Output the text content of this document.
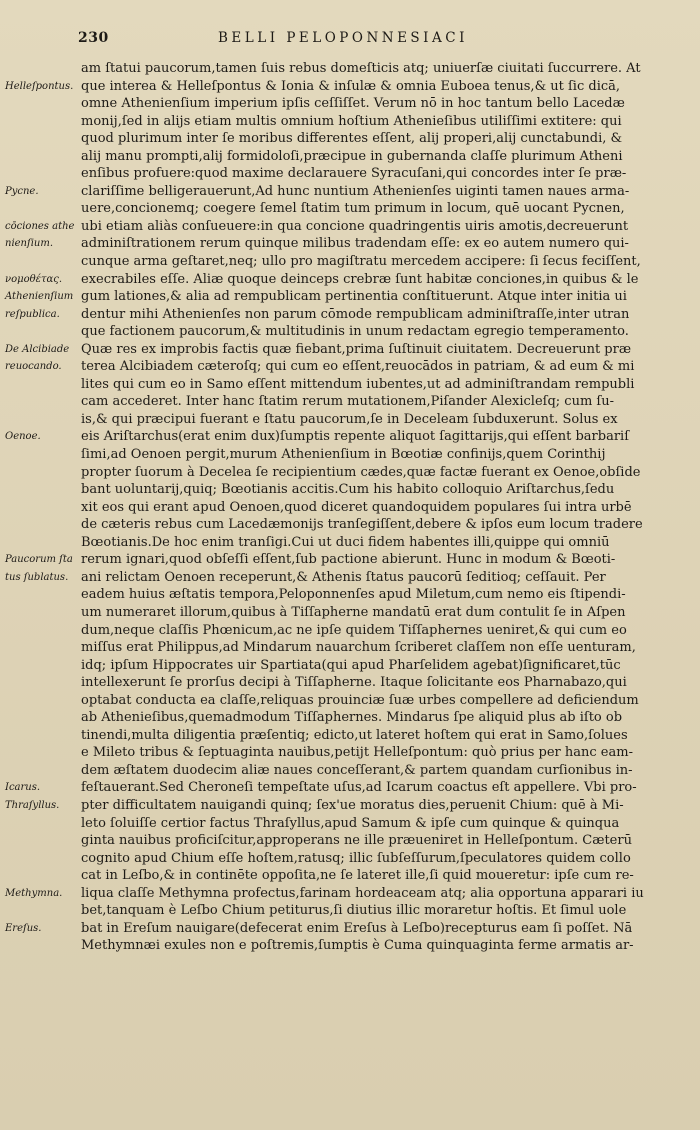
230	BELLI PELOPONNESIACI
am ſtatui paucorum,tamen ſuis rebus domeſticis atq; uniuerſæ ciuitati ſuccurrere. At
que interea & Helleſpontus & Ionia & inſulæ & omnia Euboea tenus,& ut ſic dicā,
Helleſpontus.
omne Athenienſium imperium ipſis ceſſiſſet. Verum nō in hoc tantum bello Lacedæ
monij,ſed in alijs etiam multis omnium hoſtium Athenieſibus utiliſſimi extitere: qui
quod plurimum inter ſe moribus differentes eſſent, alij properi,alij cunctabundi, &
alij manu prompti,alij formidoloſi,præcipue in gubernanda claſſe plurimum Atheni
enſibus profuere:quod maxime declarauere Syracuſani,qui concordes inter ſe præ-
clariſſime belligerauerunt,Ad hunc nuntium Athenienſes uiginti tamen naues arma-
Pycne.
uere,concionemq; coegere ſemel ſtatim tum primum in locum, quē uocant Pycnen,
ubi etiam aliàs conſueuere:in qua concione quadringentis uiris amotis,decreuerunt
cōciones athe
adminiſtrationem rerum quinque milibus tradendam eſſe: ex eo autem numero qui-
nienſium.
cunque arma geſtaret,neq; ullo pro magiſtratu mercedem accipere: ſi ſecus feciſſent,
execrabiles eſſe. Aliæ quoque deinceps crebræ ſunt habitæ conciones,in quibus & le
νομοθέτας.
gum lationes,& alia ad rempublicam pertinentia conſtituerunt. Atque inter initia ui
Athenienſium
dentur mihi Athenienſes non parum cōmode rempublicam adminiſtraſſe,inter utran
reſpublica.
que factionem paucorum,& multitudinis in unum redactam egregio temperamento.
Quæ res ex improbis factis quæ fiebant,prima ſuſtinuit ciuitatem. Decreuerunt præ
De Alcibiade
terea Alcibiadem cæteroſq; qui cum eo eſſent,reuocādos in patriam, & ad eum & mi
reuocando.
lites qui cum eo in Samo eſſent mittendum iubentes,ut ad adminiſtrandam rempubli
cam accederet. Inter hanc ſtatim rerum mutationem,Piſander Alexicleſq; cum ſu-
is,& qui præcipui fuerant e ſtatu paucorum,ſe in Deceleam ſubduxerunt. Solus ex
eis Ariſtarchus(erat enim dux)ſumptis repente aliquot ſagittarijs,qui eſſent barbariſ
Oenoe.
ſimi,ad Oenoen pergit,murum Athenienſium in Bœotiæ confinijs,quem Corinthij
propter ſuorum à Decelea ſe recipientium cædes,quæ factæ fuerant ex Oenoe,obſide
bant uoluntarij,quiq; Bœotianis accitis.Cum his habito colloquio Ariſtarchus,ſedu
xit eos qui erant apud Oenoen,quod diceret quandoquidem populares ſui intra urbē
de cæteris rebus cum Lacedæmonijs tranſegiſſent,debere & ipſos eum locum tradere
Bœotianis.De hoc enim tranſigi.Cui ut duci fidem habentes illi,quippe qui omniū
rerum ignari,quod obſeſſi eſſent,ſub pactione abierunt. Hunc in modum & Bœoti-
Paucorum ſta
ani relictam Oenoen receperunt,& Athenis ſtatus paucorū ſeditioq; ceſſauit. Per
tus ſublatus.
eadem huius æſtatis tempora,Peloponnenſes apud Miletum,cum nemo eis ſtipendi-
um numeraret illorum,quibus à Tiſſapherne mandatū erat dum contulit ſe in Aſpen
dum,neque claſſis Phœnicum,ac ne ipſe quidem Tiſſaphernes ueniret,& qui cum eo
miſſus erat Philippus,ad Mindarum nauarchum ſcriberet claſſem non eſſe uenturam,
idq; ipſum Hippocrates uir Spartiata(qui apud Pharſelidem agebat)ſignificaret,tūc
intellexerunt ſe prorſus decipi à Tiſſapherne. Itaque ſolicitante eos Pharnabazo,qui
optabat conducta ea claſſe,reliquas prouinciæ ſuæ urbes compellere ad deficiendum
ab Athenieſibus,quemadmodum Tiſſaphernes. Mindarus ſpe aliquid plus ab iſto ob
tinendi,multa diligentia præſentiq; edicto,ut lateret hoſtem qui erat in Samo,ſolues
e Mileto tribus & ſeptuaginta nauibus,petijt Helleſpontum: quò prius per hanc eam-
dem æſtatem duodecim aliæ naues conceſſerant,& partem quandam curſionibus in-
feſtauerant.Sed Cheroneſi tempeſtate uſus,ad Icarum coactus eſt appellere. Vbi pro-
Icarus.
pter difficultatem nauigandi quinq; ſex'ue moratus dies,peruenit Chium: quē à Mi-
Thraſyllus.
leto ſoluiſſe certior factus Thraſyllus,apud Samum & ipſe cum quinque & quinqua
ginta nauibus proficiſcitur,approperans ne ille præueniret in Helleſpontum. Cæterū
cognito apud Chium eſſe hoſtem,ratusq; illic ſubſeſſurum,ſpeculatores quidem collo
cat in Leſbo,& in continēte oppoſita,ne ſe lateret ille,ſi quid moueretur: ipſe cum re-
liqua claſſe Methymna profectus,farinam hordeaceam atq; alia opportuna apparari iu
Methymna.
bet,tanquam è Leſbo Chium petiturus,ſi diutius illic moraretur hoſtis. Et ſimul uole
bat in Ereſum nauigare(defecerat enim Ereſus à Leſbo)recepturus eam ſi poſſet. Nā
Ereſus.
Methymnæi exules non e poſtremis,ſumptis è Cuma quinquaginta ferme armatis ar-
